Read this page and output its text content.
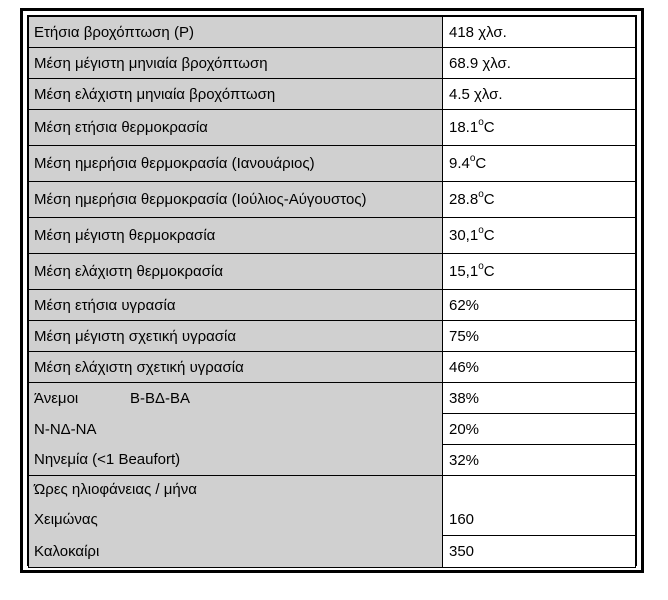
Ετήσια βροχόπτωση (Ρ)	418 χλσ.
Μέση μέγιστη μηνιαία βροχόπτωση	68.9 χλσ.
Μέση ελάχιστη μηνιαία βροχόπτωση	4.5 χλσ.
Μέση ετήσια θερμοκρασία	18.1$^o$C
Μέση ημερήσια θερμοκρασία (Ιανουάριος)	9.4$^o$C
Μέση ημερήσια θερμοκρασία (Ιούλιος-Αύγουστος)	28.8$^o$C
Μέση μέγιστη θερμοκρασία	30,1$^o$C
Μέση ελάχιστη θερμοκρασία	15,1$^o$C
Μέση ετήσια υγρασία	62%
Μέση μέγιστη σχετική υγρασία	75%
Μέση ελάχιστη σχετική υγρασία	46%
Άνεμοι Β-ΒΔ-ΒΑ	38%
Ν-ΝΔ-ΝΑ	20%
Νηνεμία (<1 Beaufort)	32%
Ώρες ηλιοφάνειας / μήνα	
Χειμώνας	160
Καλοκαίρι	350
